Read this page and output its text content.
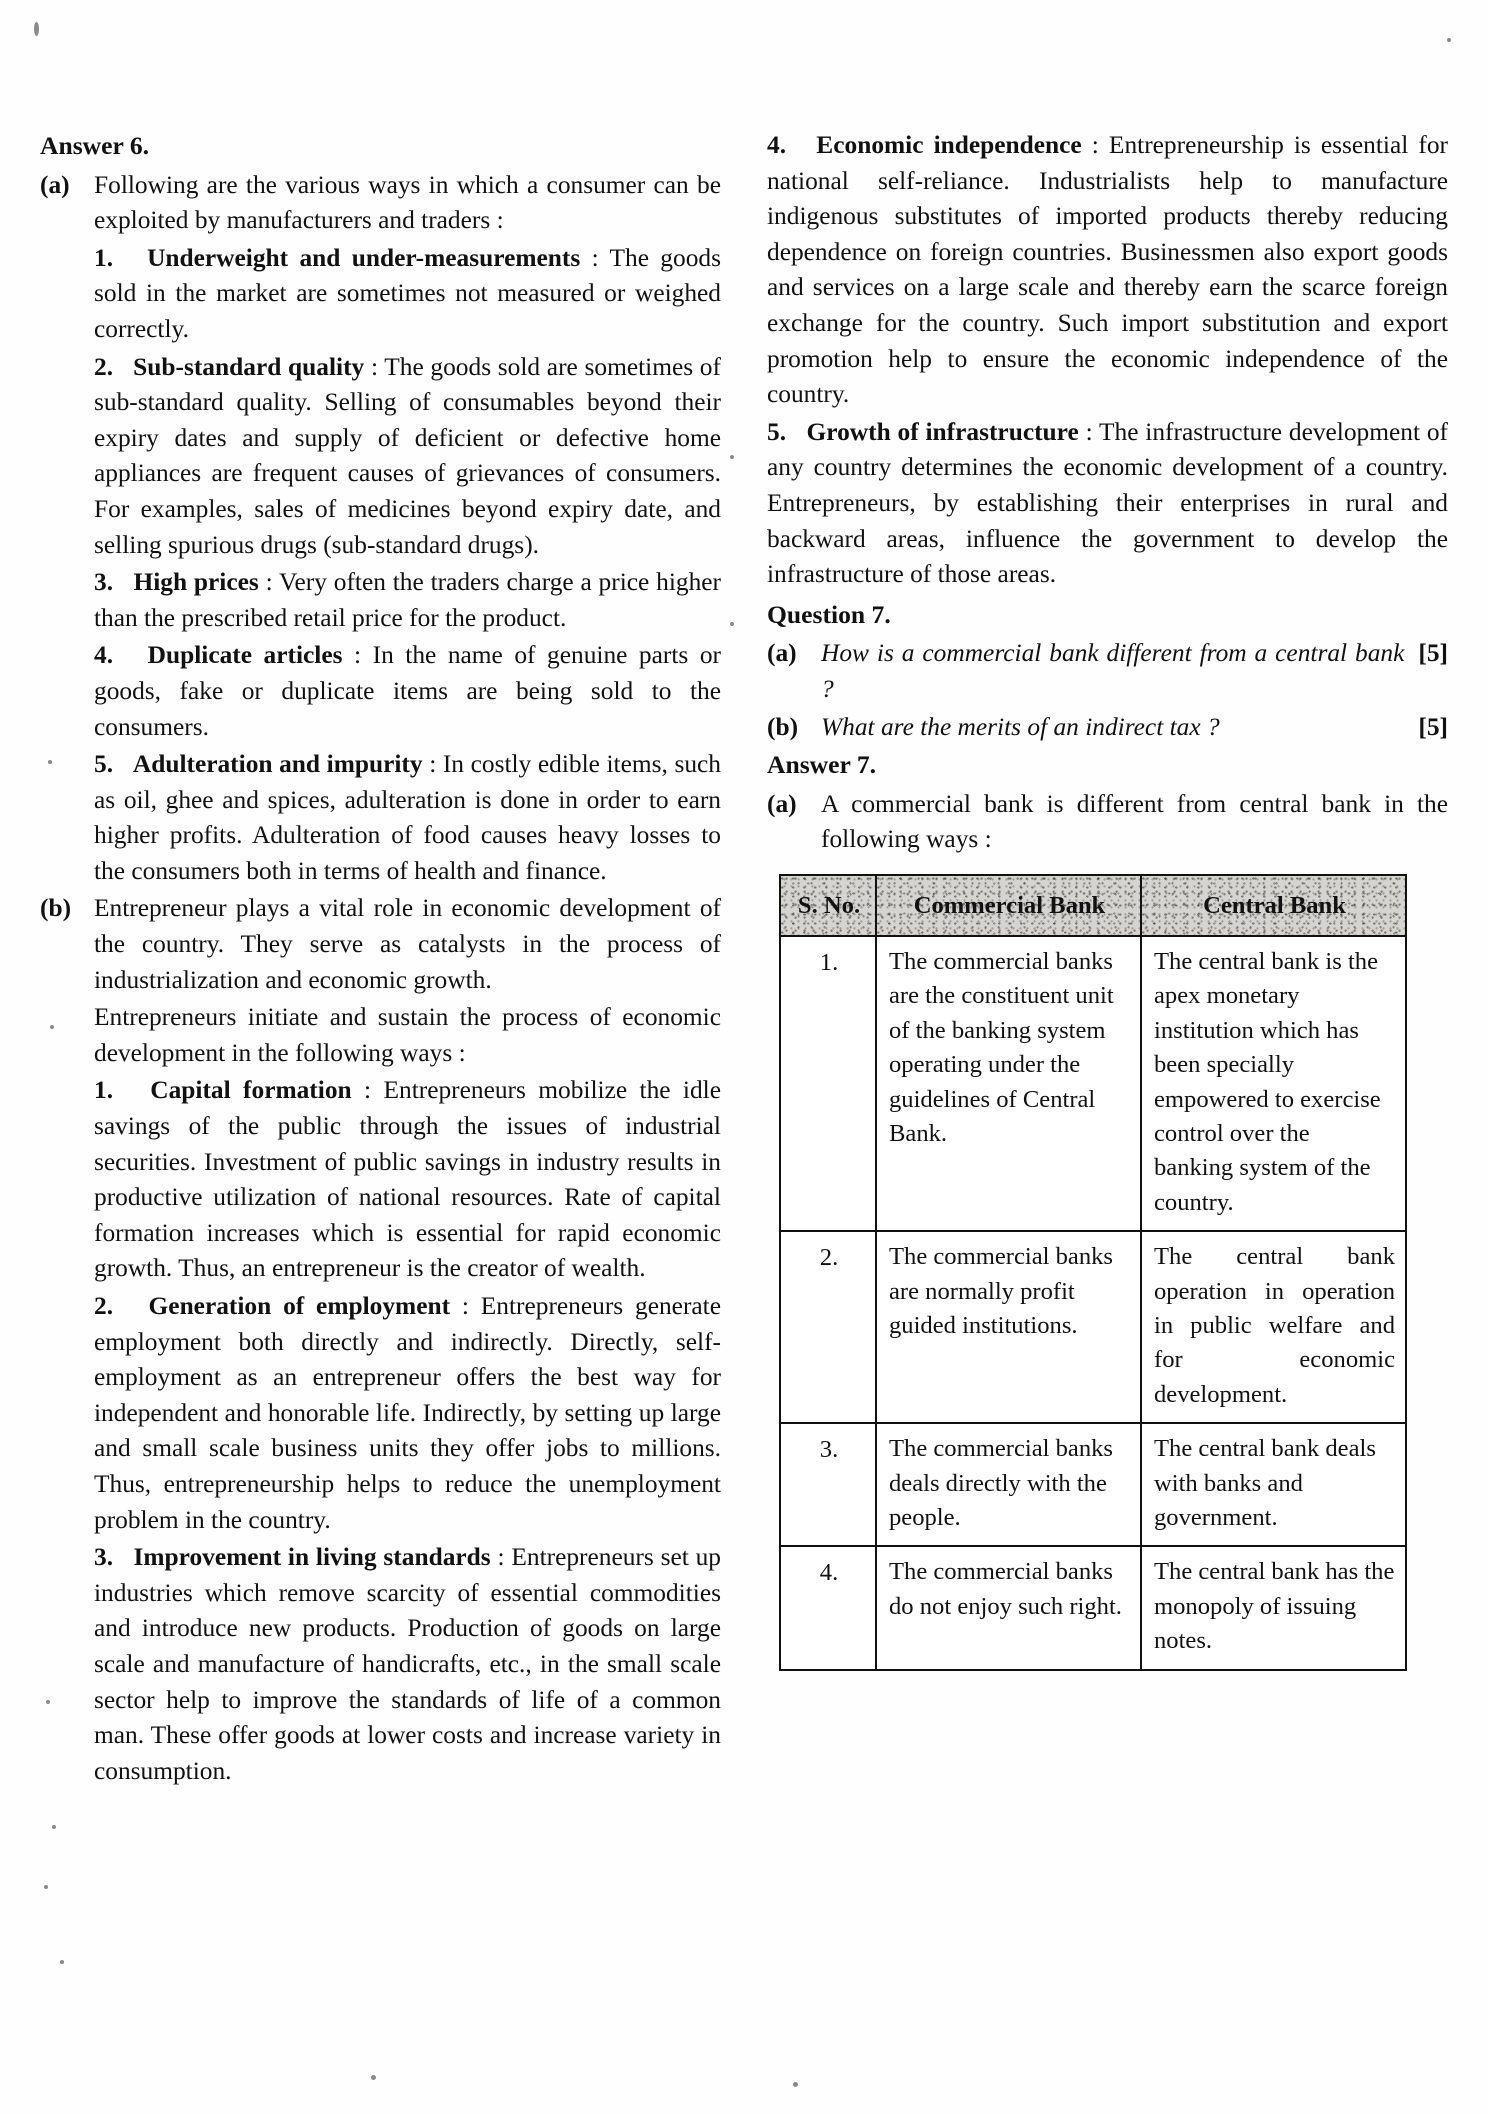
Answer 6.
(a) Following are the various ways in which a consumer can be exploited by manufacturers and traders :

1. Underweight and under-measurements : The goods sold in the market are sometimes not measured or weighed correctly.

2. Sub-standard quality : The goods sold are sometimes of sub-standard quality. Selling of consumables beyond their expiry dates and supply of deficient or defective home appliances are frequent causes of grievances of consumers. For examples, sales of medicines beyond expiry date, and selling spurious drugs (sub-standard drugs).

3. High prices : Very often the traders charge a price higher than the prescribed retail price for the product.

4. Duplicate articles : In the name of genuine parts or goods, fake or duplicate items are being sold to the consumers.

5. Adulteration and impurity : In costly edible items, such as oil, ghee and spices, adulteration is done in order to earn higher profits. Adulteration of food causes heavy losses to the consumers both in terms of health and finance.

(b) Entrepreneur plays a vital role in economic development of the country. They serve as catalysts in the process of industrialization and economic growth.

Entrepreneurs initiate and sustain the process of economic development in the following ways :

1. Capital formation : Entrepreneurs mobilize the idle savings of the public through the issues of industrial securities. Investment of public savings in industry results in productive utilization of national resources. Rate of capital formation increases which is essential for rapid economic growth. Thus, an entrepreneur is the creator of wealth.

2. Generation of employment : Entrepreneurs generate employment both directly and indirectly. Directly, self-employment as an entrepreneur offers the best way for independent and honorable life. Indirectly, by setting up large and small scale business units they offer jobs to millions. Thus, entrepreneurship helps to reduce the unemployment problem in the country.

3. Improvement in living standards : Entrepreneurs set up industries which remove scarcity of essential commodities and introduce new products. Production of goods on large scale and manufacture of handicrafts, etc., in the small scale sector help to improve the standards of life of a common man. These offer goods at lower costs and increase variety in consumption.

4. Economic independence : Entrepreneurship is essential for national self-reliance. Industrialists help to manufacture indigenous substitutes of imported products thereby reducing dependence on foreign countries. Businessmen also export goods and services on a large scale and thereby earn the scarce foreign exchange for the country. Such import substitution and export promotion help to ensure the economic independence of the country.

5. Growth of infrastructure : The infrastructure development of any country determines the economic development of a country. Entrepreneurs, by establishing their enterprises in rural and backward areas, influence the government to develop the infrastructure of those areas.

Question 7.
(a) How is a commercial bank different from a central bank ?
[5]
(b) What are the merits of an indirect tax ?	[5]
Answer 7.
(a) A commercial bank is different from central bank in the following ways :

S. No.	Commercial Bank	Central Bank
1.	The commercial banks are the constituent unit of the banking system operating under the guidelines of Central Bank.	The central bank is the apex monetary institution which has been specially empowered to exercise control over the banking system of the country.
2.	The commercial banks are normally profit guided institutions.	The central bank operation in operation in public welfare and for economic development.
3.	The commercial banks deals directly with the people.	The central bank deals with banks and government.
4.	The commercial banks do not enjoy such right.	The central bank has the monopoly of issuing notes.
